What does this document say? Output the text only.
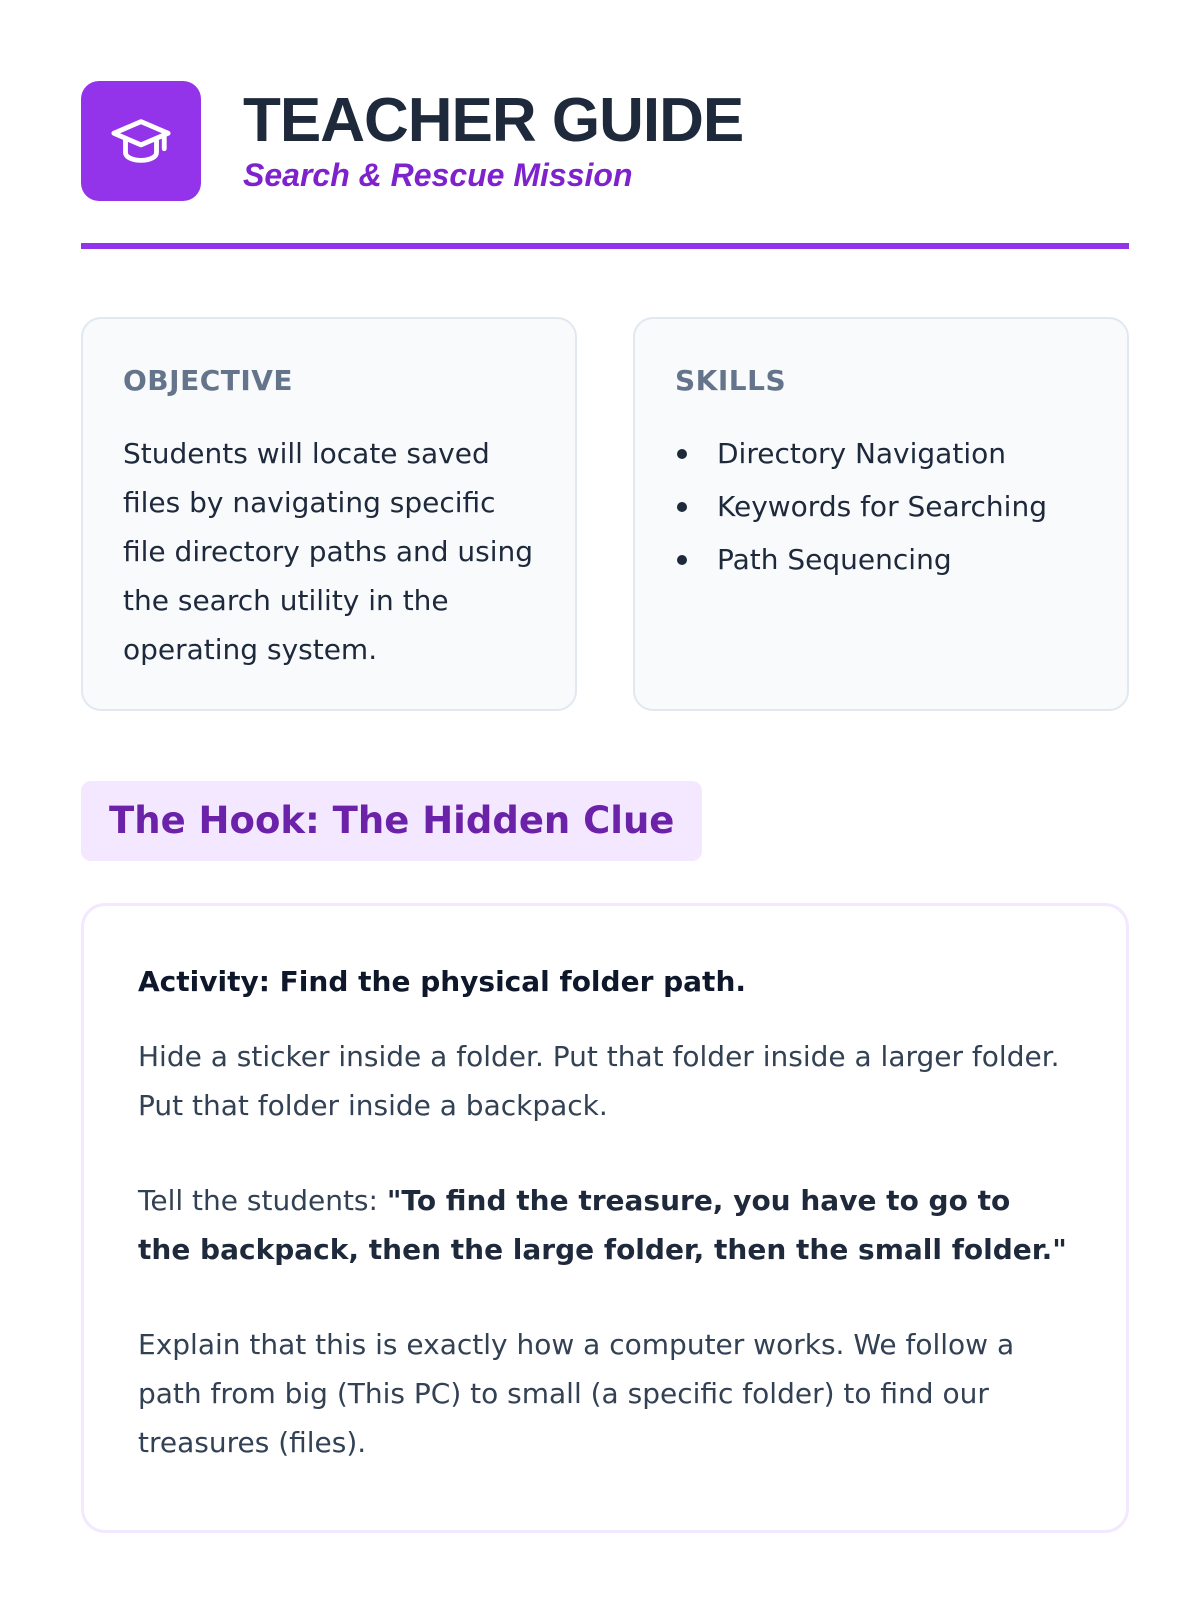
TEACHER GUIDE
Search & Rescue Mission
OBJECTIVE
Students will locate saved files by navigating specific file directory paths and using the search utility in the operating system.
SKILLS
Directory Navigation
Keywords for Searching
Path Sequencing
The Hook: The Hidden Clue
Activity: Find the physical folder path.

Hide a sticker inside a folder. Put that folder inside a larger folder. Put that folder inside a backpack.

Tell the students: "To find the treasure, you have to go to the backpack, then the large folder, then the small folder."

Explain that this is exactly how a computer works. We follow a path from big (This PC) to small (a specific folder) to find our treasures (files).
